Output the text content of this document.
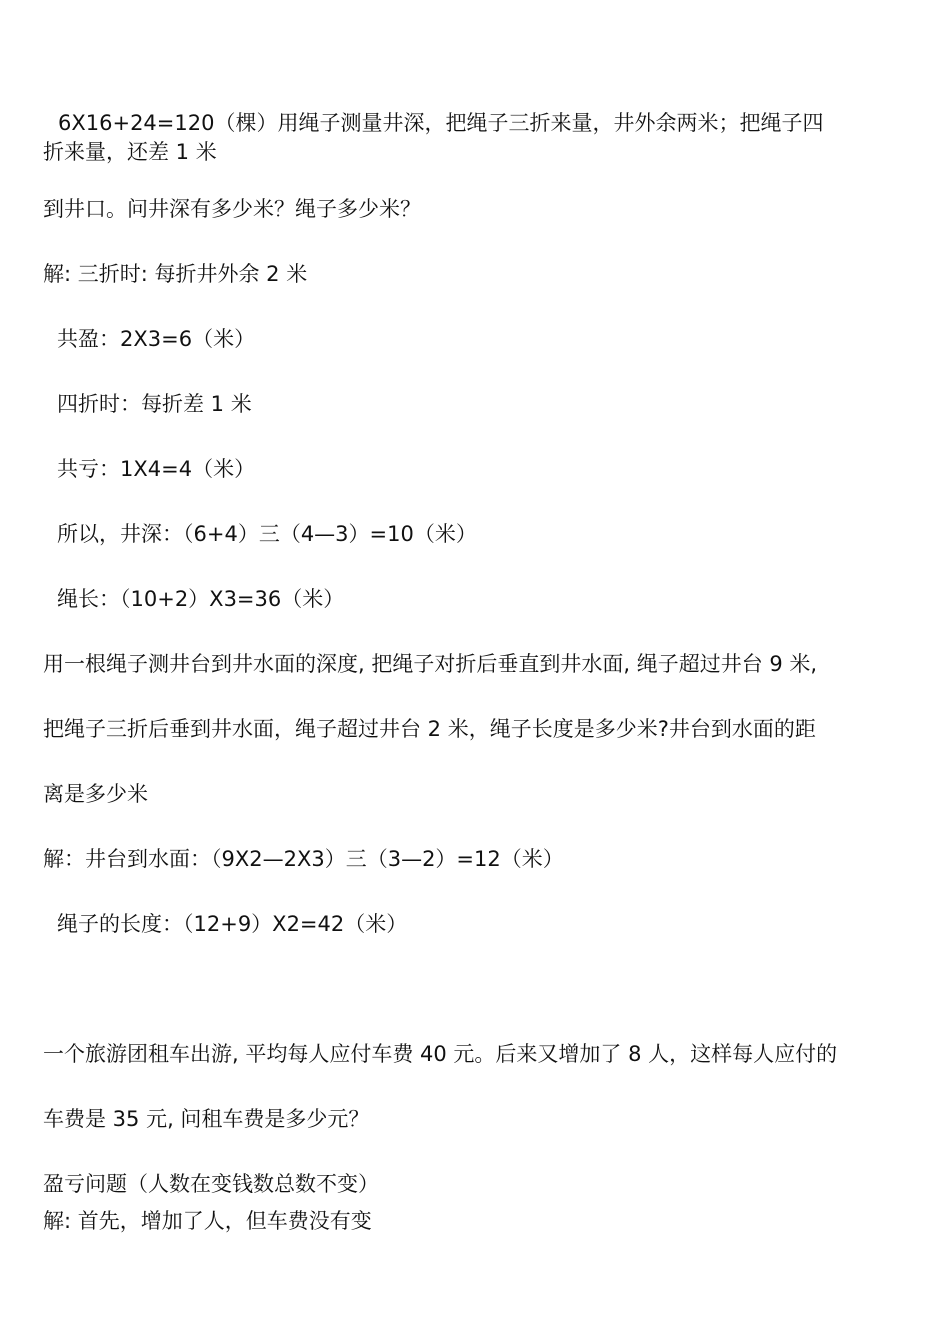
6X16+24=120（棵）用绳子测量井深，把绳子三折来量，井外余两米；把绳子四
折来量，还差 1 米
到井口。问井深有多少米？绳子多少米？
解: 三折时: 每折井外余 2 米
共盈：2X3=6（米）
四折时：每折差 1 米
共亏：1X4=4（米）
所以，井深：（6+4）三（4—3）=10（米）
绳长：（10+2）X3=36（米）
用一根绳子测井台到井水面的深度, 把绳子对折后垂直到井水面, 绳子超过井台 9 米,
把绳子三折后垂到井水面，绳子超过井台 2 米，绳子长度是多少米?井台到水面的距
离是多少米
解：井台到水面：（9X2—2X3）三（3—2）=12（米）
绳子的长度：（12+9）X2=42（米）
一个旅游团租车出游, 平均每人应付车费 40 元。后来又增加了 8 人，这样每人应付的
车费是 35 元, 问租车费是多少元？
盈亏问题（人数在变钱数总数不变）
解: 首先，增加了人，但车费没有变
